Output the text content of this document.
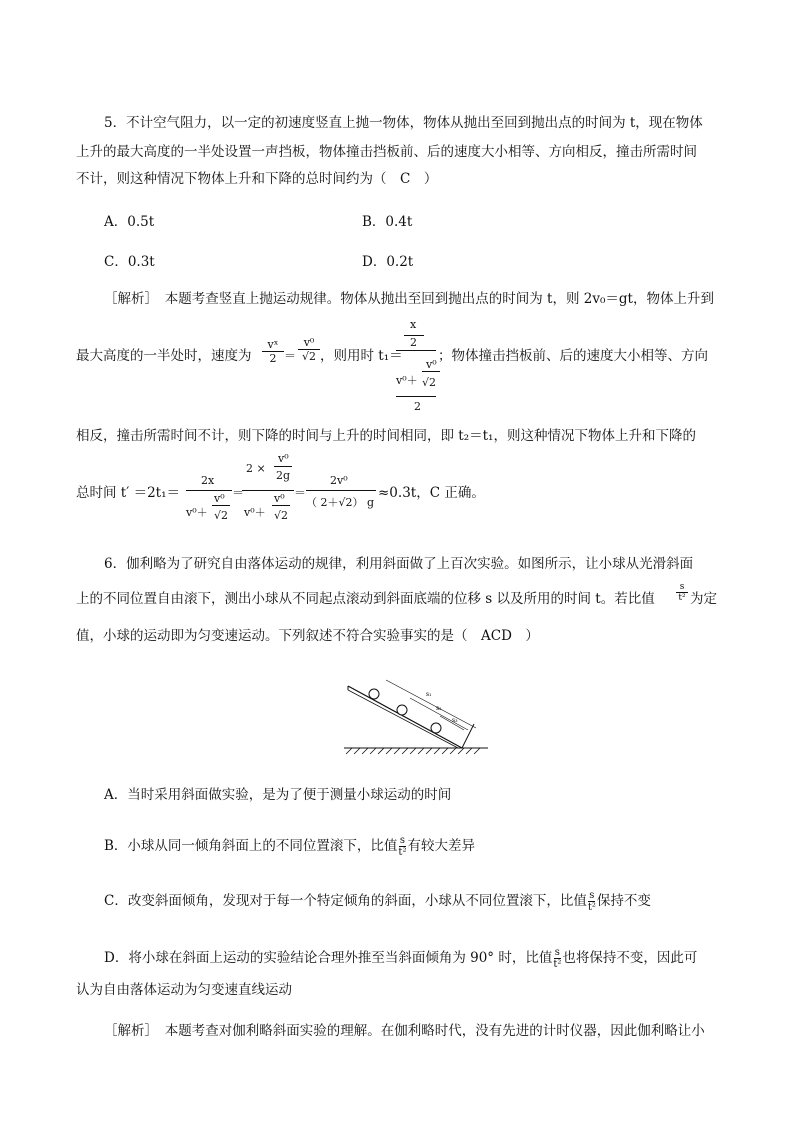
5．不计空气阻力，以一定的初速度竖直上抛一物体，物体从抛出至回到抛出点的时间为 t，现在物体
上升的最大高度的一半处设置一声挡板，物体撞击挡板前、后的速度大小相等、方向相反，撞击所需时间
不计，则这种情况下物体上升和下降的总时间约为（　C　）
A．0.5t	B．0.4t
C．0.3t	D．0.2t
［解析］　本题考查竖直上抛运动规律。物体从抛出至回到抛出点的时间为 t，则 2v₀＝gt，物体上升到
最大高度的一半处时，速度为
vˣ
2 ＝
v⁰
√2 ，则用时 t₁＝
x
2
v⁰
v⁰＋ √2
2
；物体撞击挡板前、后的速度大小相等、方向
相反，撞击所需时间不计，则下降的时间与上升的时间相同，即 t₂＝t₁，则这种情况下物体上升和下降的
总时间 t′ ＝2t₁＝
2x
v⁰＋
v⁰
√2
＝
2 ×
v⁰
2g
v⁰＋
v⁰
√2
＝
2v⁰
（ 2＋√2） g
≈0.3t，C 正确。
6．伽利略为了研究自由落体运动的规律，利用斜面做了上百次实验。如图所示，让小球从光滑斜面
上的不同位置自由滚下，测出小球从不同起点滚动到斜面底端的位移 s 以及所用的时间 t。若比值
s
t² 为定
值，小球的运动即为匀变速运动。下列叙述不符合实验事实的是（　ACD　）
s₁
s₂
s₃
A．当时采用斜面做实验，是为了便于测量小球运动的时间
B．小球从同一倾角斜面上的不同位置滚下，比值 $\frac{s}{\text{t²}}$ 有较大差异
C．改变斜面倾角，发现对于每一个特定倾角的斜面，小球从不同位置滚下，比值 $\frac{s}{\text{t²}}$ 保持不变
D．将小球在斜面上运动的实验结论合理外推至当斜面倾角为 90° 时，比值 $\frac{s}{\text{t²}}$ 也将保持不变，因此可
认为自由落体运动为匀变速直线运动
［解析］　本题考查对伽利略斜面实验的理解。在伽利略时代，没有先进的计时仪器，因此伽利略让小
